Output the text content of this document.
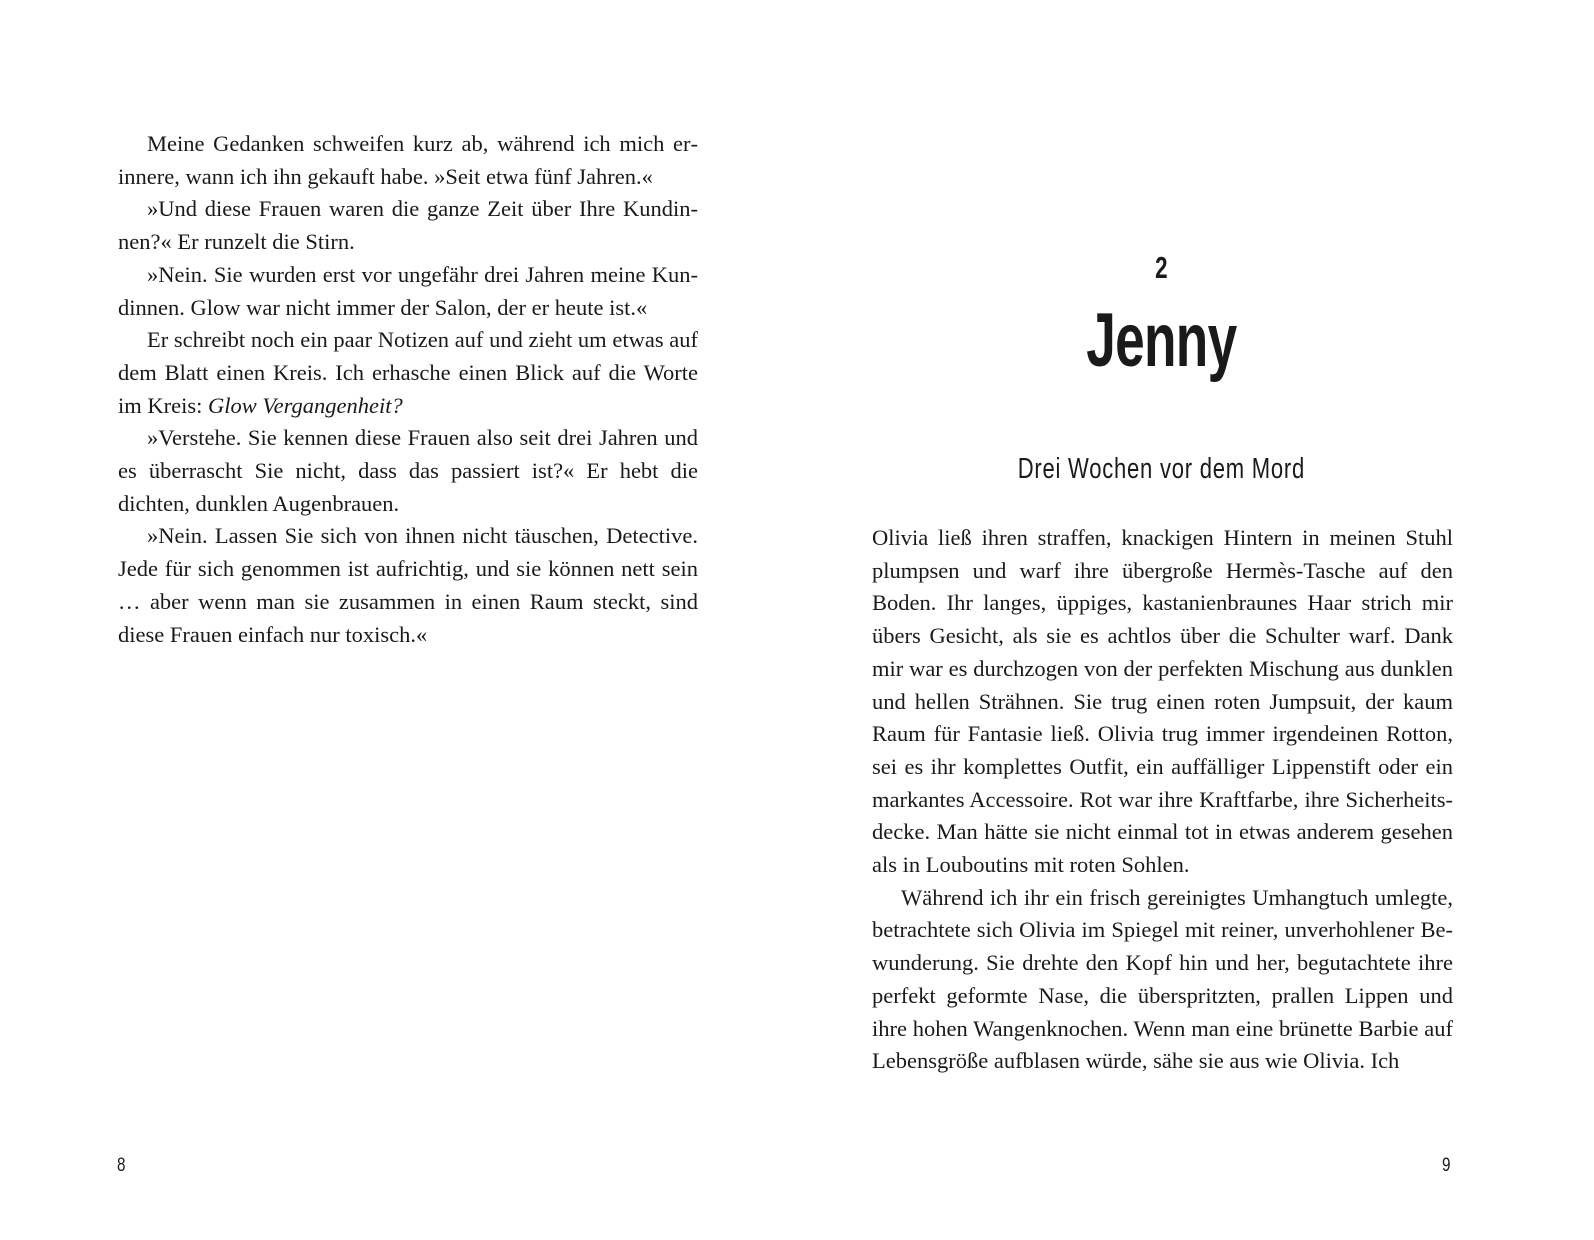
Meine Gedanken schweifen kurz ab, während ich mich erinnere, wann ich ihn gekauft habe. »Seit etwa fünf Jahren.«

»Und diese Frauen waren die ganze Zeit über Ihre Kundinnen?« Er runzelt die Stirn.

»Nein. Sie wurden erst vor ungefähr drei Jahren meine Kundinnen. Glow war nicht immer der Salon, der er heute ist.«

Er schreibt noch ein paar Notizen auf und zieht um etwas auf dem Blatt einen Kreis. Ich erhasche einen Blick auf die Worte im Kreis: Glow Vergangenheit?

»Verstehe. Sie kennen diese Frauen also seit drei Jahren und es überrascht Sie nicht, dass das passiert ist?« Er hebt die dichten, dunklen Augenbrauen.

»Nein. Lassen Sie sich von ihnen nicht täuschen, Detective. Jede für sich genommen ist aufrichtig, und sie können nett sein … aber wenn man sie zusammen in einen Raum steckt, sind diese Frauen einfach nur toxisch.«

8
2
Jenny
Drei Wochen vor dem Mord

Olivia ließ ihren straffen, knackigen Hintern in meinen Stuhl plumpsen und warf ihre übergroße Hermès-Tasche auf den Boden. Ihr langes, üppiges, kastanienbraunes Haar strich mir übers Gesicht, als sie es achtlos über die Schulter warf. Dank mir war es durchzogen von der perfekten Mischung aus dunklen und hellen Strähnen. Sie trug einen roten Jumpsuit, der kaum Raum für Fantasie ließ. Olivia trug immer irgendeinen Rotton, sei es ihr komplettes Outfit, ein auffälliger Lippenstift oder ein markantes Accessoire. Rot war ihre Kraftfarbe, ihre Sicherheitsdecke. Man hätte sie nicht einmal tot in etwas anderem gesehen als in Louboutins mit roten Sohlen.

Während ich ihr ein frisch gereinigtes Umhangtuch umlegte, betrachtete sich Olivia im Spiegel mit reiner, unverhohlener Bewunderung. Sie drehte den Kopf hin und her, begutachtete ihre perfekt geformte Nase, die überspritzten, prallen Lippen und ihre hohen Wangenknochen. Wenn man eine brünette Barbie auf Lebensgröße aufblasen würde, sähe sie aus wie Olivia. Ich

9
